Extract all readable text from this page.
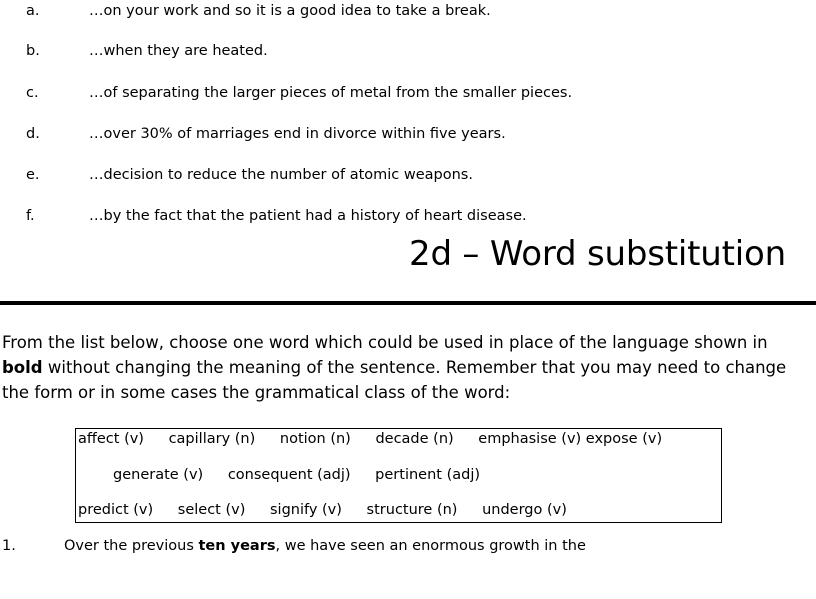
a.	…on your work and so it is a good idea to take a break.
b.	…when they are heated.
c.	…of separating the larger pieces of metal from the smaller pieces.
d.	…over 30% of marriages end in divorce within five years.
e.	…decision to reduce the number of atomic weapons.
f.	…by the fact that the patient had a history of heart disease.
2d – Word substitution

From the list below, choose one word which could be used in place of the language shown in bold without changing the meaning of the sentence. Remember that you may need to change the form or in some cases the grammatical class of the word:

affect (v) capillary (n) notion (n) decade (n) emphasise (v) expose (v)
generate (v) consequent (adj) pertinent (adj)
predict (v) select (v) signify (v) structure (n) undergo (v)
1.	Over the previous ten years, we have seen an enormous growth in the
